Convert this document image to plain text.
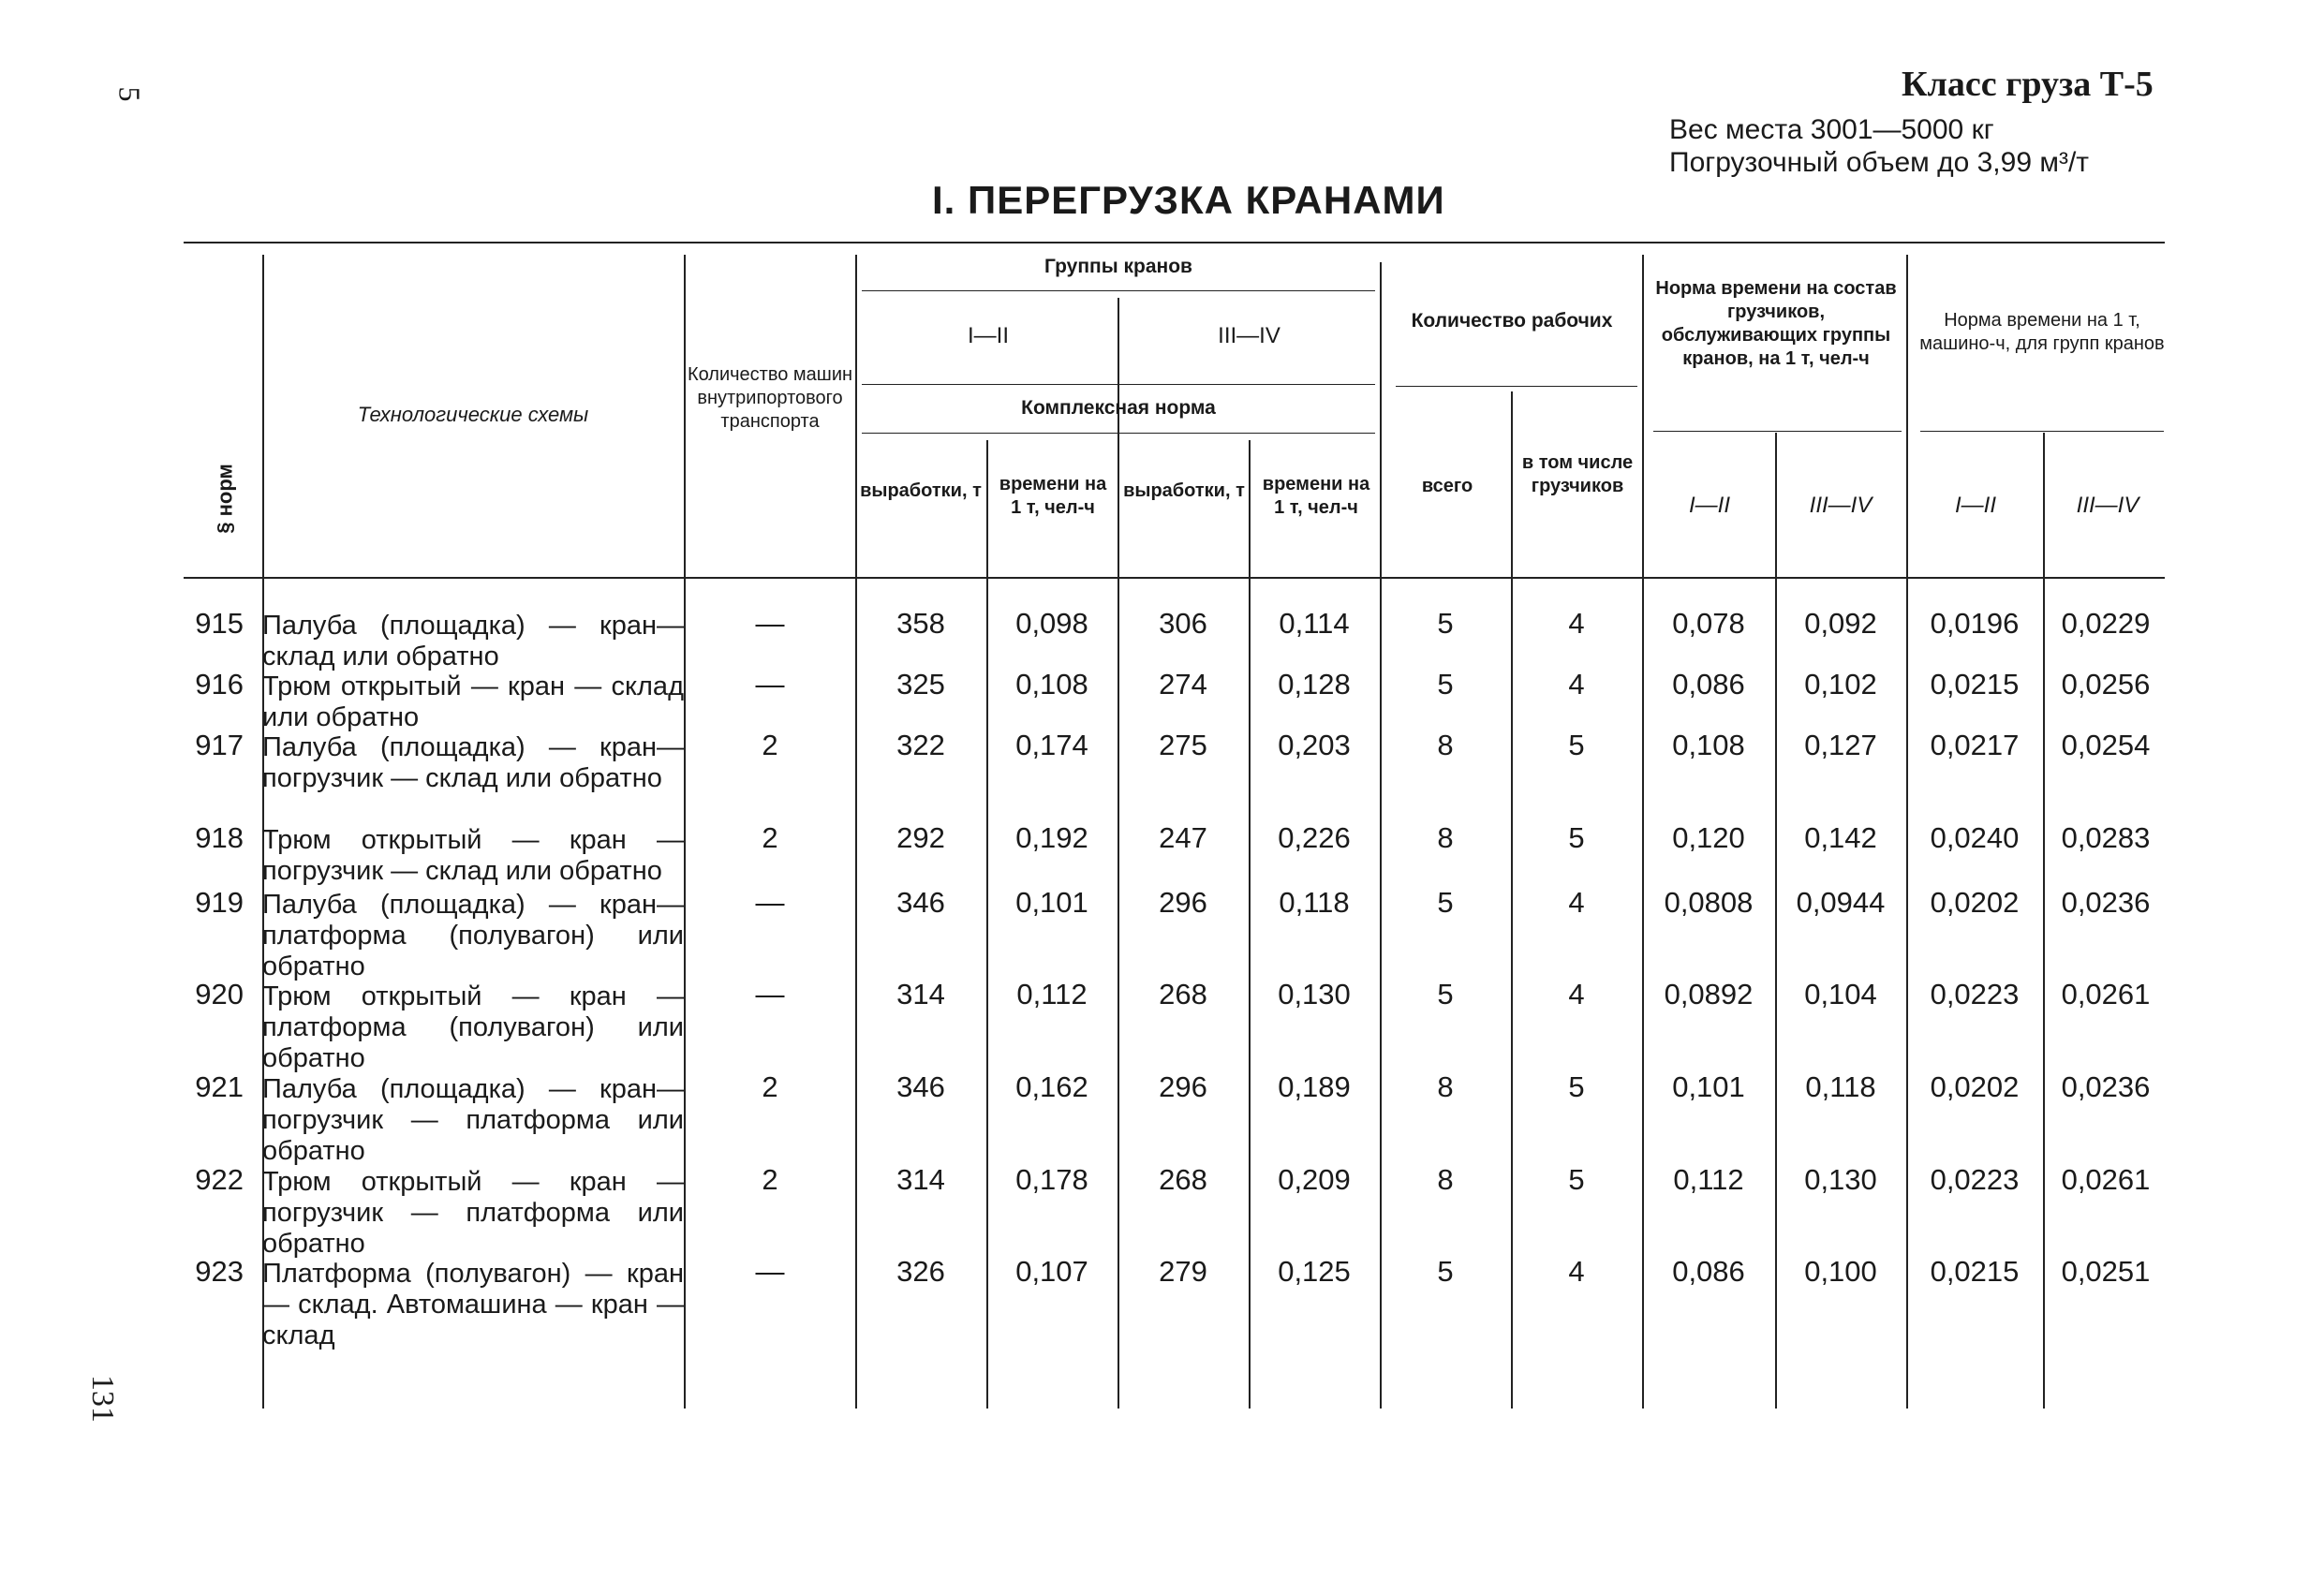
5
131
Класс груза Т-5
Вес места 3001—5000 кг
Погрузочный объем до 3,99 м³/т
I. ПЕРЕГРУЗКА КРАНАМИ
§ норм
Технологические схемы
Количество машин внутрипортового транспорта
Группы кранов
I—II	III—IV
Комплексная норма
выработки, т времени на 1 т, чел-ч
выработки, т времени на 1 т, чел-ч
Количество рабочих
всего
в том числе грузчиков
Норма времени на состав грузчиков, обслуживающих группы кранов, на 1 т, чел-ч
I—II	III—IV
Норма времени на 1 т, машино-ч, для групп кранов
I—II	III—IV
915 Палуба (площадка) — кран— склад или обратно
—	358	0,098	306	0,114	5	4	0,078	0,092	0,0196	0,0229
916 Трюм открытый — кран — склад или обратно
—	325	0,108	274	0,128	5	4	0,086	0,102	0,0215	0,0256
917 Палуба (площадка) — кран— погрузчик — склад или обратно
2	322	0,174	275	0,203	8	5	0,108	0,127	0,0217	0,0254
918 Трюм открытый — кран — погрузчик — склад или обратно
2	292	0,192	247	0,226	8	5	0,120	0,142	0,0240	0,0283
919 Палуба (площадка) — кран— платформа (полувагон) или обратно
—	346	0,101	296	0,118	5	4	0,0808	0,0944	0,0202	0,0236
920 Трюм открытый — кран — платформа (полувагон) или обратно
—	314	0,112	268	0,130	5	4	0,0892	0,104	0,0223	0,0261
921 Палуба (площадка) — кран— погрузчик — платформа или обратно
2	346	0,162	296	0,189	8	5	0,101	0,118	0,0202	0,0236
922 Трюм открытый — кран — погрузчик — платформа или обратно
2	314	0,178	268	0,209	8	5	0,112	0,130	0,0223	0,0261
923 Платформа (полувагон) — кран — склад. Автомашина — кран — склад
—	326	0,107	279	0,125	5	4	0,086	0,100	0,0215	0,0251
